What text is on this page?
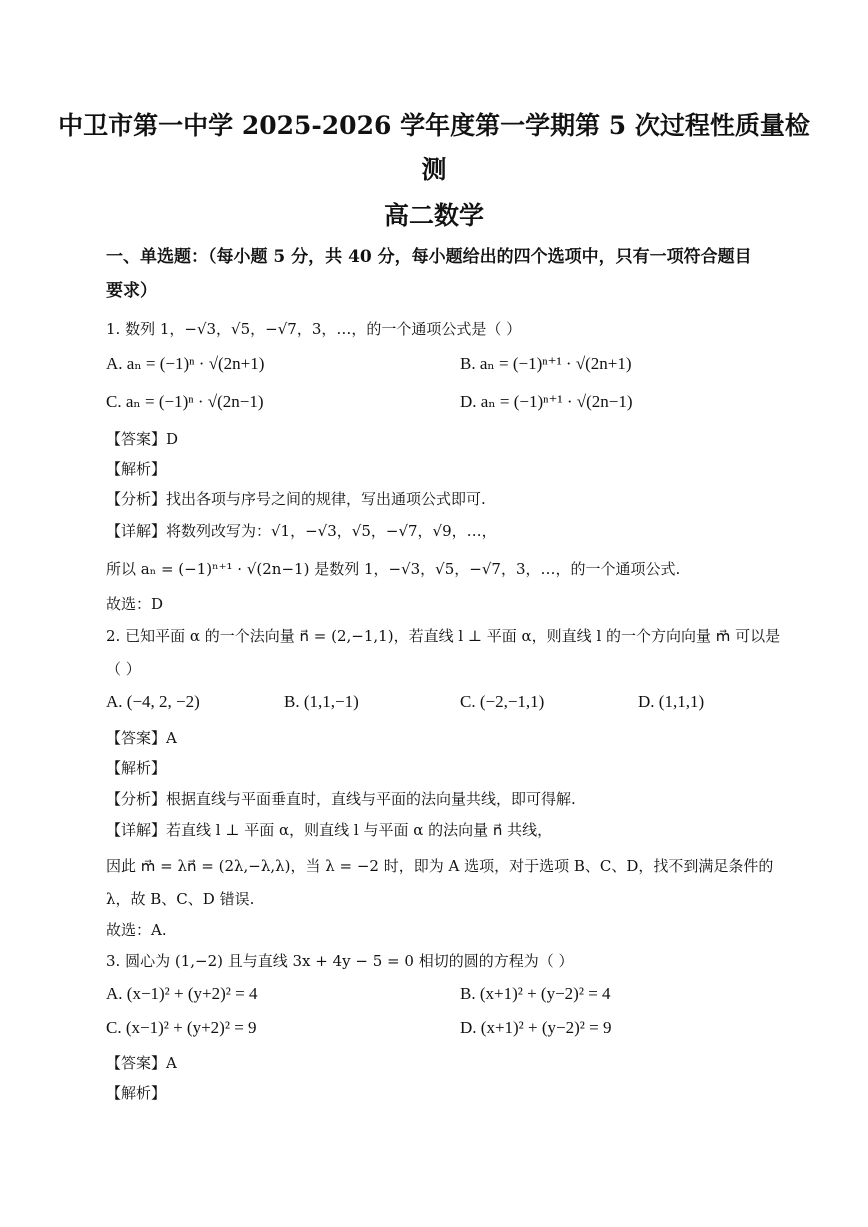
中卫市第一中学 2025-2026 学年度第一学期第 5 次过程性质量检
测
高二数学
一、单选题：（每小题 5 分，共 40 分，每小题给出的四个选项中，只有一项符合题目
要求）
1. 数列 1，−√3，√5，−√7，3，…，的一个通项公式是（ ）
A. aₙ = (−1)ⁿ · √(2n+1)	B. aₙ = (−1)ⁿ⁺¹ · √(2n+1)
C. aₙ = (−1)ⁿ · √(2n−1)	D. aₙ = (−1)ⁿ⁺¹ · √(2n−1)
【答案】D
【解析】
【分析】找出各项与序号之间的规律，写出通项公式即可.
【详解】将数列改写为：√1，−√3，√5，−√7，√9，…，
所以 aₙ = (−1)ⁿ⁺¹ · √(2n−1) 是数列 1，−√3，√5，−√7，3，…，的一个通项公式.
故选：D
2. 已知平面 α 的一个法向量 n⃗ = (2,−1,1)，若直线 l ⊥ 平面 α，则直线 l 的一个方向向量 m⃗ 可以是
（ ）
A. (−4, 2, −2)	B. (1,1,−1)	C. (−2,−1,1)	D. (1,1,1)
【答案】A
【解析】
【分析】根据直线与平面垂直时，直线与平面的法向量共线，即可得解.
【详解】若直线 l ⊥ 平面 α，则直线 l 与平面 α 的法向量 n⃗ 共线，
因此 m⃗ = λn⃗ = (2λ,−λ,λ)，当 λ = −2 时，即为 A 选项，对于选项 B、C、D，找不到满足条件的
λ，故 B、C、D 错误.
故选：A.
3. 圆心为 (1,−2) 且与直线 3x + 4y − 5 = 0 相切的圆的方程为（ ）
A. (x−1)² + (y+2)² = 4	B. (x+1)² + (y−2)² = 4
C. (x−1)² + (y+2)² = 9	D. (x+1)² + (y−2)² = 9
【答案】A
【解析】
